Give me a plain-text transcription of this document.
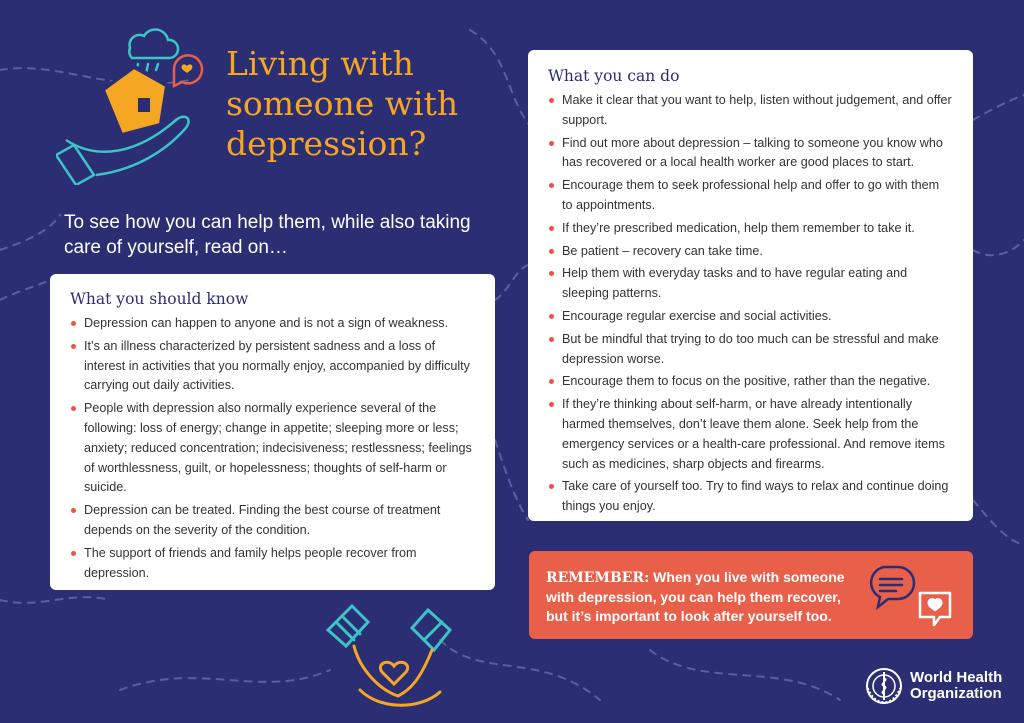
Living with
someone with
depression?

To see how you can help them, while also taking care of yourself, read on…

What you should know
Depression can happen to anyone and is not a sign of weakness.
It’s an illness characterized by persistent sadness and a loss of interest in activities that you normally enjoy, accompanied by difficulty carrying out daily activities.
People with depression also normally experience several of the following: loss of energy; change in appetite; sleeping more or less; anxiety; reduced concentration; indecisiveness; restlessness; feelings of worthlessness, guilt, or hopelessness; thoughts of self-harm or suicide.
Depression can be treated. Finding the best course of treatment depends on the severity of the condition.
The support of friends and family helps people recover from depression.
What you can do
Make it clear that you want to help, listen without judgement, and offer support.
Find out more about depression – talking to someone you know who has recovered or a local health worker are good places to start.
Encourage them to seek professional help and offer to go with them to appointments.
If they’re prescribed medication, help them remember to take it.
Be patient – recovery can take time.
Help them with everyday tasks and to have regular eating and sleeping patterns.
Encourage regular exercise and social activities.
But be mindful that trying to do too much can be stressful and make depression worse.
Encourage them to focus on the positive, rather than the negative.
If they’re thinking about self-harm, or have already intentionally harmed themselves, don’t leave them alone. Seek help from the emergency services or a health-care professional. And remove items such as medicines, sharp objects and firearms.
Take care of yourself too. Try to find ways to relax and continue doing things you enjoy.
REMEMBER: When you live with someone with depression, you can help them recover, but it’s important to look after yourself too.
World Health
Organization
